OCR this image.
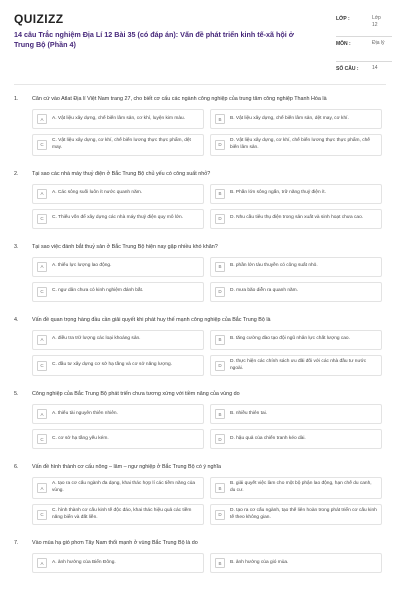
QUIZIZZ
14 câu Trắc nghiệm Địa Lí 12 Bài 35 (có đáp án): Vấn đề phát triển kinh tế-xã hội ở Trung Bộ (Phần 4)
LỚP :	Lớp 12
MÔN :	Địa lý
SỐ CÂU :	14
1.	Căn cứ vào Atlat Địa lí Việt Nam trang 27, cho biết cơ cấu các ngành công nghiệp của trung tâm công nghiệp Thanh Hóa là
A	A. Vật liệu xây dựng, chế biến lâm sản, cơ khí, luyện kim màu.	B	B. Vật liệu xây dựng, chế biến lâm sản, dệt may, cơ khí.
C
C. Vật liệu xây dựng, cơ khí, chế biến lương thực thực phẩm, dệt may.	D
D. Vật liệu xây dựng, cơ khí, chế biến lương thực thực phẩm, chế biến lâm sản.
2.	Tại sao các nhà máy thuỷ điện ở Bắc Trung Bộ chủ yếu có công suất nhỏ?
A	A. Các sông suối luôn ít nước quanh năm.	B	B. Phần lớn sông ngắn, trữ năng thuỷ điện ít.
C	C. Thiếu vốn để xây dựng các nhà máy thuỷ điện quy mô lớn.	D	D. Nhu cầu tiêu thụ điện trong sản xuất và sinh hoạt chưa cao.
3.	Tại sao việc đánh bắt thuỷ sản ở Bắc Trung Bộ hiện nay gặp nhiều khó khăn?
A	A. thiếu lực lượng lao động.	B	B. phần lớn tàu thuyền có công suất nhỏ.
C	C. ngư dân chưa có kinh nghiệm đánh bắt.	D	D. mưa bão diễn ra quanh năm.
4.	Vấn đề quan trọng hàng đầu cần giải quyết khi phát huy thế mạnh công nghiệp của Bắc Trung Bộ là
A	A. điều tra trữ lượng các loại khoáng sản.	B	B. tăng cường đào tạo đội ngũ nhân lực chất lượng cao.
C	C. đầu tư xây dựng cơ sở hạ tầng và cơ sở năng lượng.	D
D. thực hiện các chính sách ưu đãi đối với các nhà đầu tư nước ngoài.
5.	Công nghiệp của Bắc Trung Bộ phát triển chưa tương xứng với tiềm năng của vùng do
A	A. thiếu tài nguyên thiên nhiên.	B	B. nhiều thiên tai.
C	C. cơ sở hạ tầng yếu kém.	D	D. hậu quả của chiến tranh kéo dài.
6.	Vấn đề hình thành cơ cấu nông – lâm – ngư nghiệp ở Bắc Trung Bộ có ý nghĩa
A
A. tạo ra cơ cấu ngành đa dạng, khai thác hợp lí các tiềm năng của vùng.	B
B. giải quyết việc làm cho một bộ phận lao động, hạn chế du canh, du cư.
C
C. hình thành cơ cấu kinh tế độc đáo, khai thác hiệu quả các tiềm năng biển và đất liền.	D
D. tạo ra cơ cấu ngành, tạo thế liên hoàn trong phát triển cơ cấu kinh tế theo không gian.
7.	Vào mùa hạ gió phơn Tây Nam thổi mạnh ở vùng Bắc Trung Bộ là do
A	A. ảnh hưởng của Biển Đông.	B	B. ảnh hưởng của gió mùa.
